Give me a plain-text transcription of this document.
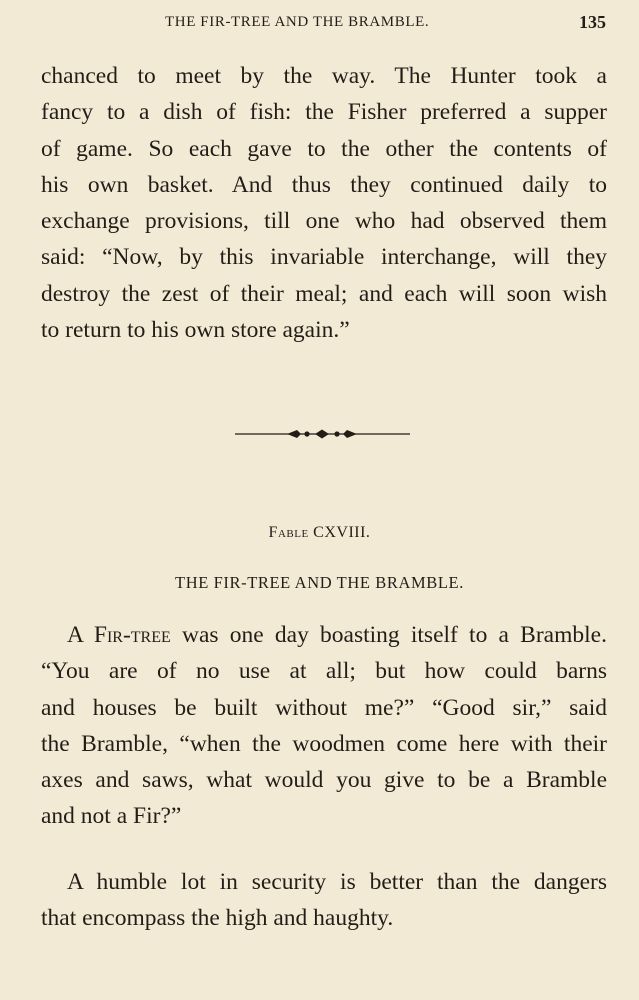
THE FIR-TREE AND THE BRAMBLE.	135
chanced to meet by the way. The Hunter took a
fancy to a dish of fish: the Fisher preferred a supper
of game. So each gave to the other the contents of
his own basket. And thus they continued daily to
exchange provisions, till one who had observed them
said: “Now, by this invariable interchange, will they
destroy the zest of their meal; and each will soon wish
to return to his own store again.”
Fable CXVIII.
THE FIR-TREE AND THE BRAMBLE.
A Fir-tree was one day boasting itself to a Bramble.
“You are of no use at all; but how could barns
and houses be built without me?” “Good sir,” said
the Bramble, “when the woodmen come here with their
axes and saws, what would you give to be a Bramble
and not a Fir?”
A humble lot in security is better than the dangers
that encompass the high and haughty.
